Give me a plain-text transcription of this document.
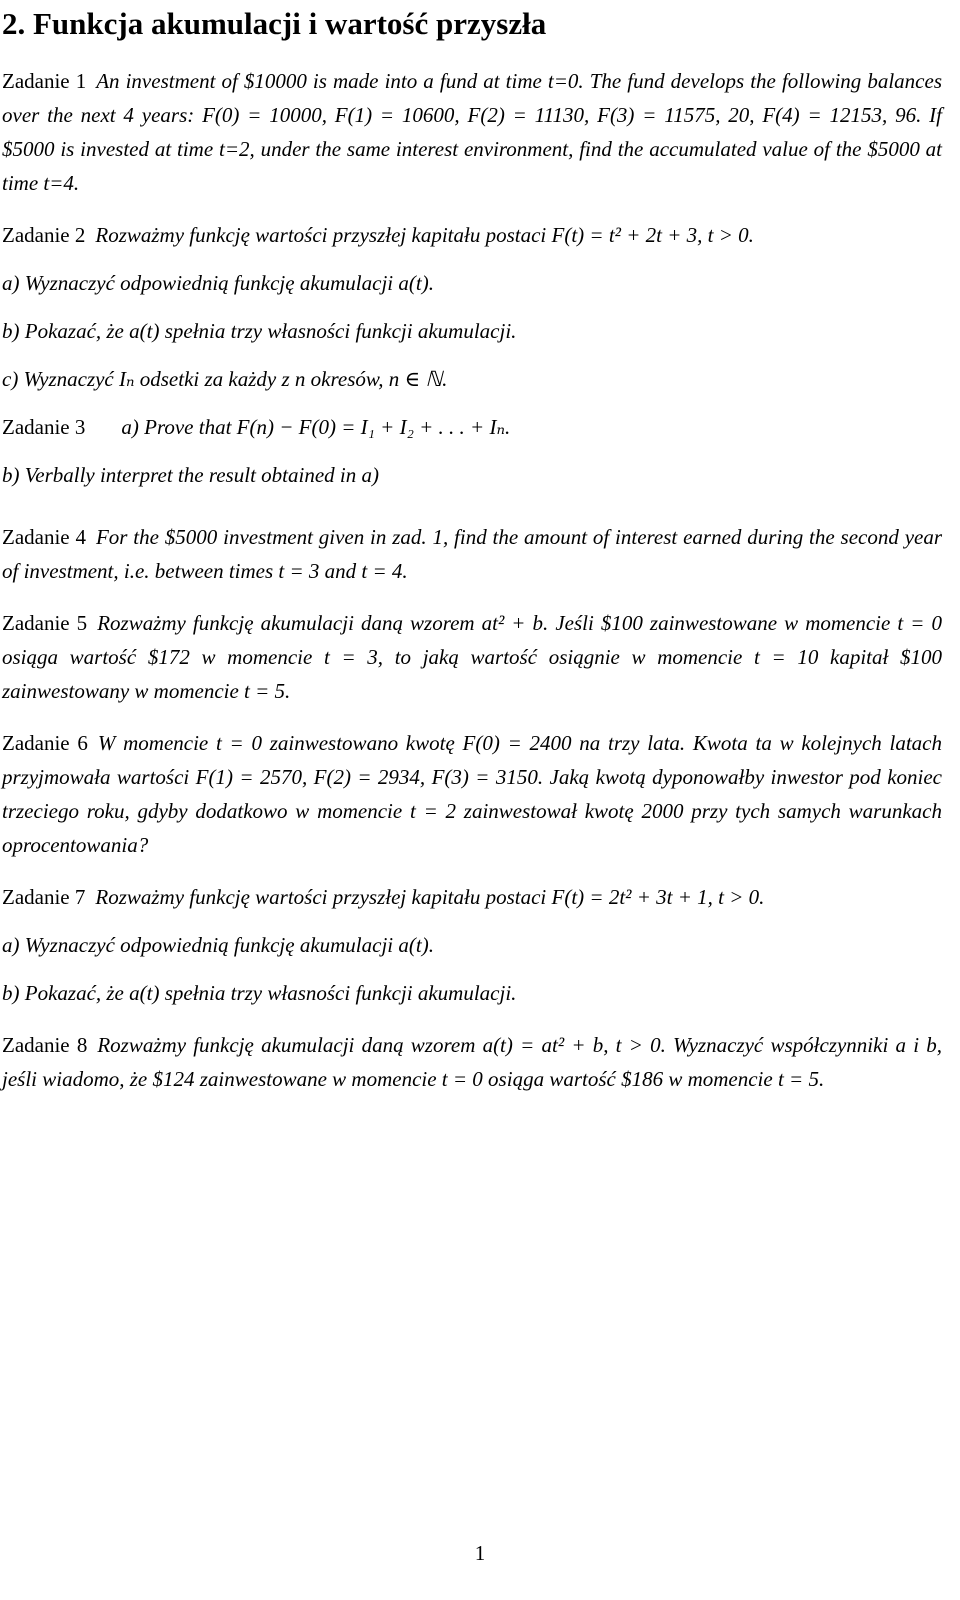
2. Funkcja akumulacji i wartość przyszła
Zadanie 1 An investment of $10000 is made into a fund at time t=0. The fund develops the following balances over the next 4 years: F(0) = 10000, F(1) = 10600, F(2) = 11130, F(3) = 11575, 20, F(4) = 12153, 96. If $5000 is invested at time t=2, under the same interest environment, find the accumulated value of the $5000 at time t=4.
Zadanie 2 Rozważmy funkcję wartości przyszłej kapitału postaci F(t) = t² + 2t + 3, t > 0.
a) Wyznaczyć odpowiednią funkcję akumulacji a(t).
b) Pokazać, że a(t) spełnia trzy własności funkcji akumulacji.
c) Wyznaczyć Iₙ odsetki za każdy z n okresów, n ∈ ℕ.
Zadanie 3 a) Prove that F(n) − F(0) = I₁ + I₂ + . . . + Iₙ.
b) Verbally interpret the result obtained in a)
Zadanie 4 For the $5000 investment given in zad. 1, find the amount of interest earned during the second year of investment, i.e. between times t = 3 and t = 4.
Zadanie 5 Rozważmy funkcję akumulacji daną wzorem at² + b. Jeśli $100 zainwestowane w momencie t = 0 osiąga wartość $172 w momencie t = 3, to jaką wartość osiągnie w momencie t = 10 kapitał $100 zainwestowany w momencie t = 5.
Zadanie 6 W momencie t = 0 zainwestowano kwotę F(0) = 2400 na trzy lata. Kwota ta w kolejnych latach przyjmowała wartości F(1) = 2570, F(2) = 2934, F(3) = 3150. Jaką kwotą dyponowałby inwestor pod koniec trzeciego roku, gdyby dodatkowo w momencie t = 2 zainwestował kwotę 2000 przy tych samych warunkach oprocentowania?
Zadanie 7 Rozważmy funkcję wartości przyszłej kapitału postaci F(t) = 2t² + 3t + 1, t > 0.
a) Wyznaczyć odpowiednią funkcję akumulacji a(t).
b) Pokazać, że a(t) spełnia trzy własności funkcji akumulacji.
Zadanie 8 Rozważmy funkcję akumulacji daną wzorem a(t) = at² + b, t > 0. Wyznaczyć współczynniki a i b, jeśli wiadomo, że $124 zainwestowane w momencie t = 0 osiąga wartość $186 w momencie t = 5.
1
